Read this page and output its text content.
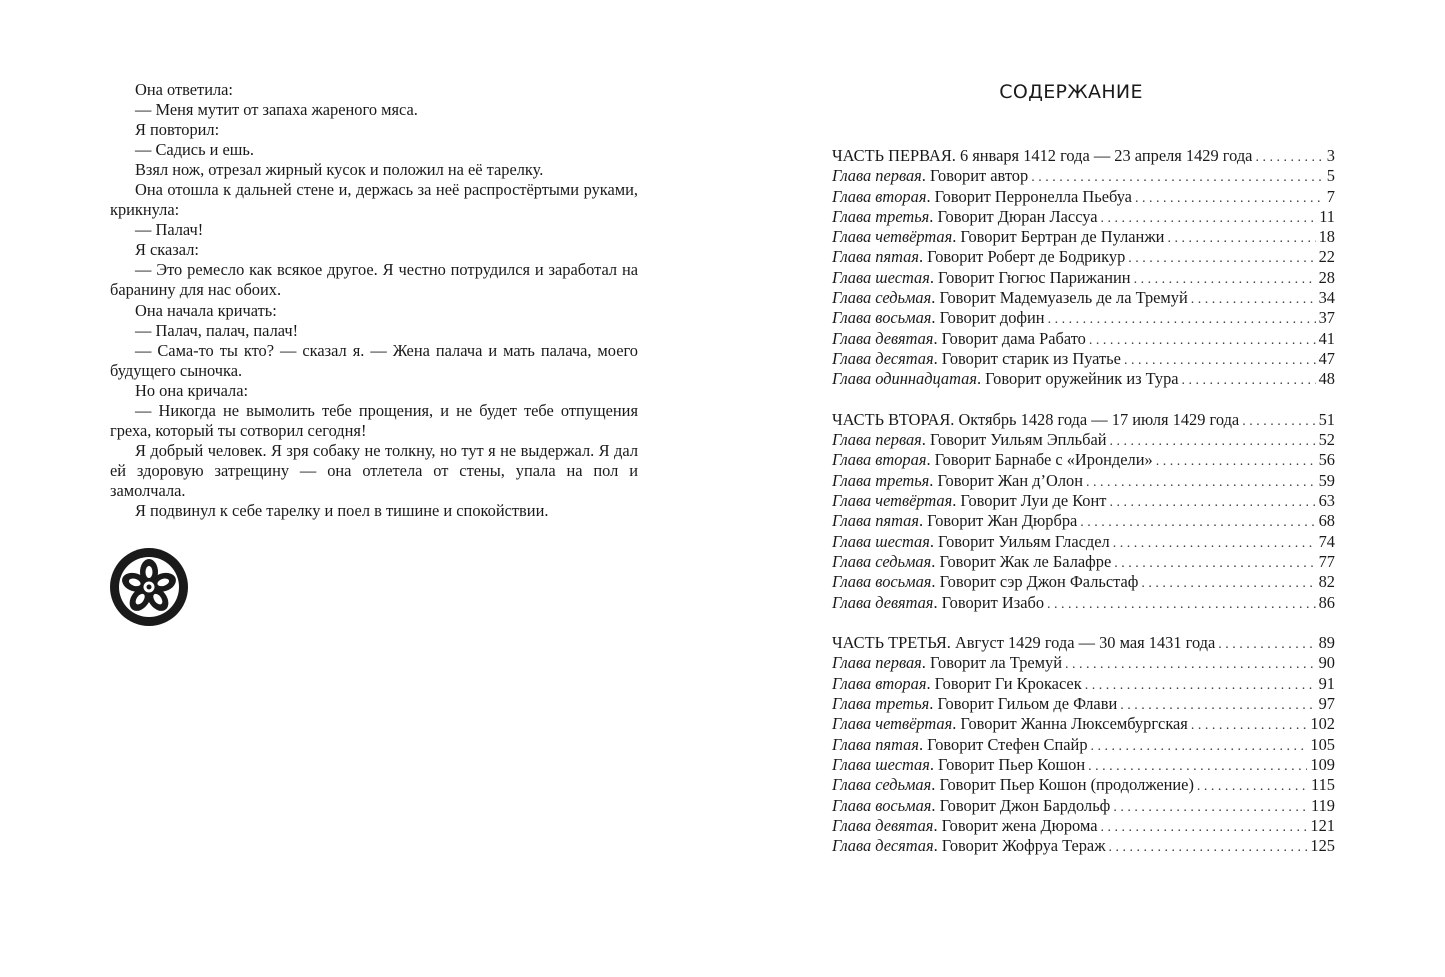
Она ответила:

— Меня мутит от запаха жареного мяса.

Я повторил:

— Садись и ешь.

Взял нож, отрезал жирный кусок и положил на её тарелку.

Она отошла к дальней стене и, держась за неё распростёртыми руками, крикнула:

— Палач!

Я сказал:

— Это ремесло как всякое другое. Я честно потрудился и заработал на баранину для нас обоих.

Она начала кричать:

— Палач, палач, палач!

— Сама-то ты кто? — сказал я. — Жена палача и мать палача, моего будущего сыночка.

Но она кричала:

— Никогда не вымолить тебе прощения, и не будет тебе отпущения греха, который ты сотворил сегодня!

Я добрый человек. Я зря собаку не толкну, но тут я не выдержал. Я дал ей здоровую затрещину — она отлетела от стены, упала на пол и замолчала.

Я подвинул к себе тарелку и поел в тишине и спокойствии.

СОДЕРЖАНИЕ
ЧАСТЬ ПЕРВАЯ. 6 января 1412 года — 23 апреля 1429 года . . .	3
Глава первая. Говорит автор . . .	5
Глава вторая. Говорит Перронелла Пьебуа . . .	7
Глава третья. Говорит Дюран Лассуа . . .	11
Глава четвёртая. Говорит Бертран де Пуланжи . . .	18
Глава пятая. Говорит Роберт де Бодрикур . . .	22
Глава шестая. Говорит Гюгюс Парижанин . . .	28
Глава седьмая. Говорит Мадемуазель де ла Тремуй . . .	34
Глава восьмая. Говорит дофин . . .	37
Глава девятая. Говорит дама Рабато . . .	41
Глава десятая. Говорит старик из Пуатье . . .	47
Глава одиннадцатая. Говорит оружейник из Тура . . .	48
ЧАСТЬ ВТОРАЯ. Октябрь 1428 года — 17 июля 1429 года . . .	51
Глава первая. Говорит Уильям Эпльбай . . .	52
Глава вторая. Говорит Барнабе с «Ирондели» . . .	56
Глава третья. Говорит Жан д’Олон . . .	59
Глава четвёртая. Говорит Луи де Конт . . .	63
Глава пятая. Говорит Жан Дюрбра . . .	68
Глава шестая. Говорит Уильям Гласдел . . .	74
Глава седьмая. Говорит Жак ле Балафре . . .	77
Глава восьмая. Говорит сэр Джон Фальстаф . . .	82
Глава девятая. Говорит Изабо . . .	86
ЧАСТЬ ТРЕТЬЯ. Август 1429 года — 30 мая 1431 года . . .	89
Глава первая. Говорит ла Тремуй . . .	90
Глава вторая. Говорит Ги Крокасек . . .	91
Глава третья. Говорит Гильом де Флави . . .	97
Глава четвёртая. Говорит Жанна Люксембургская . . .	102
Глава пятая. Говорит Стефен Спайр . . .	105
Глава шестая. Говорит Пьер Кошон . . .	109
Глава седьмая. Говорит Пьер Кошон (продолжение) . . .	115
Глава восьмая. Говорит Джон Бардольф . . .	119
Глава девятая. Говорит жена Дюрома . . .	121
Глава десятая. Говорит Жофруа Тераж . . .	125
